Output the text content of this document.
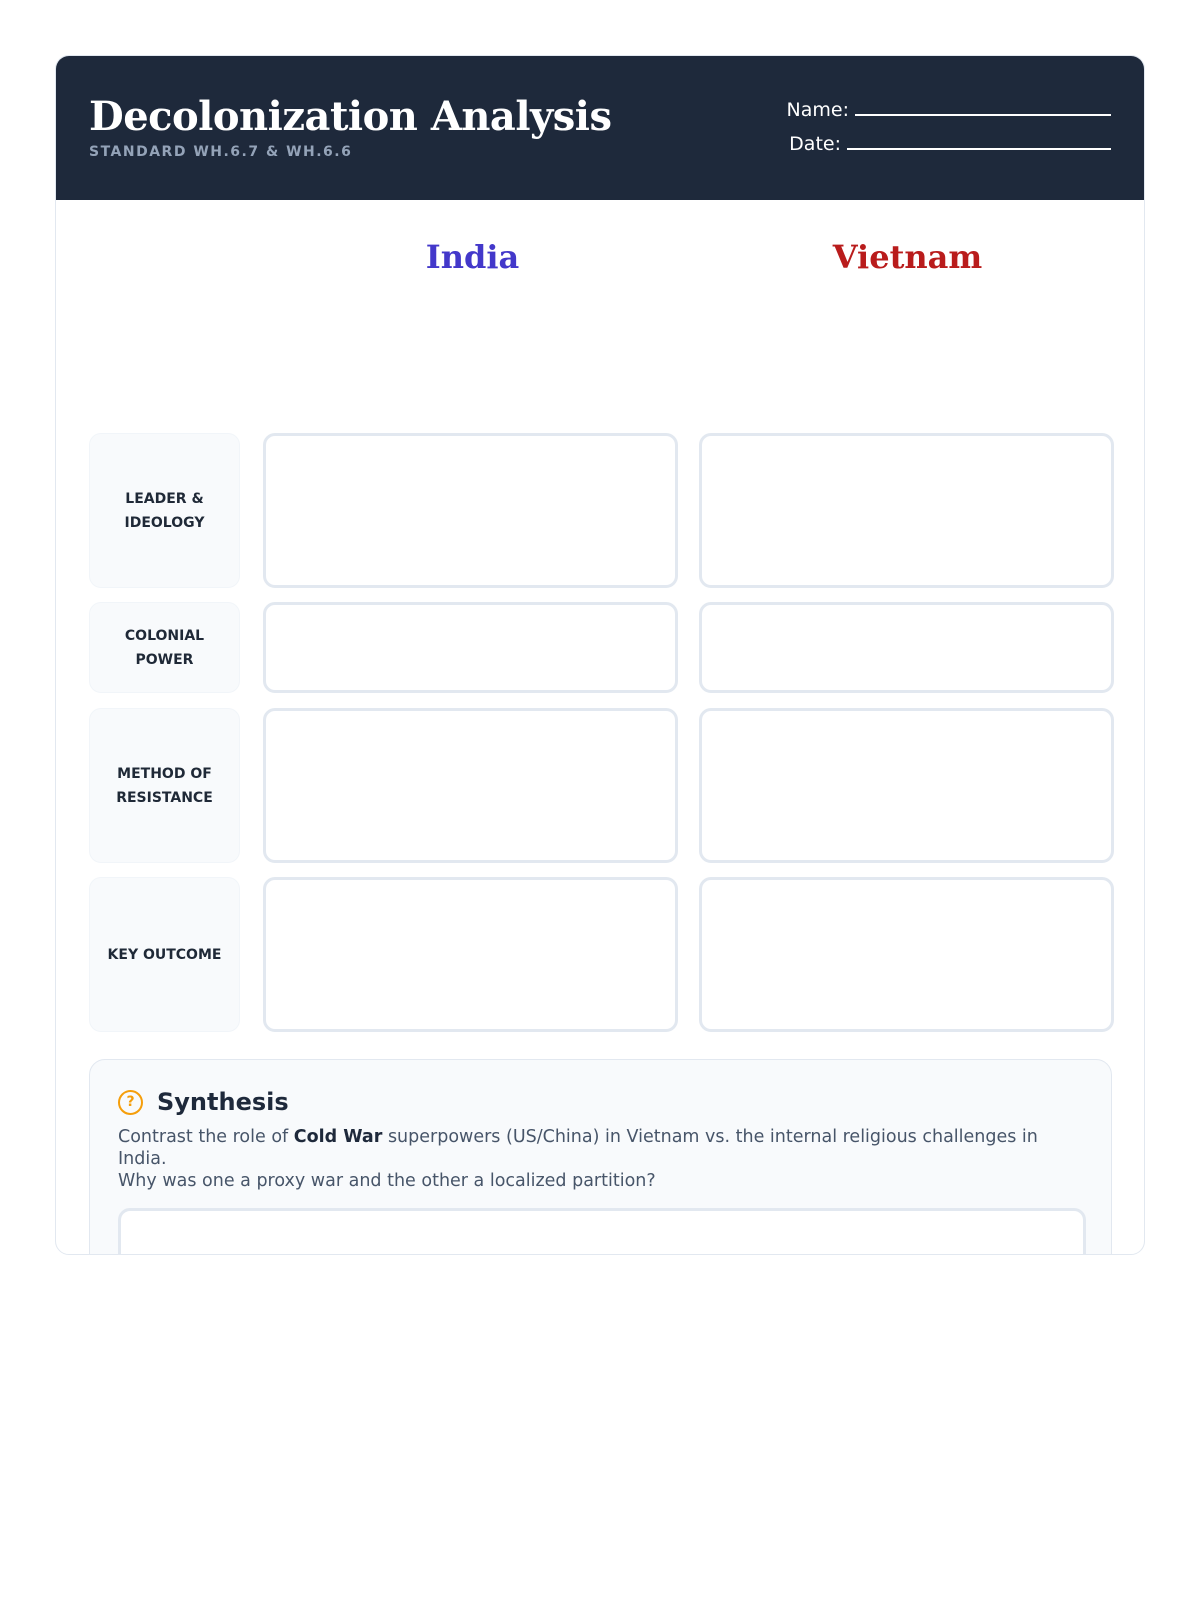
Decolonization Analysis
STANDARD WH.6.7 & WH.6.6
Name:
Date:
India	Vietnam
LEADER &
IDEOLOGY
COLONIAL
POWER
METHOD OF
RESISTANCE
KEY OUTCOME
? Synthesis
Contrast the role of Cold War superpowers (US/China) in Vietnam vs. the internal religious challenges in India.
Why was one a proxy war and the other a localized partition?
